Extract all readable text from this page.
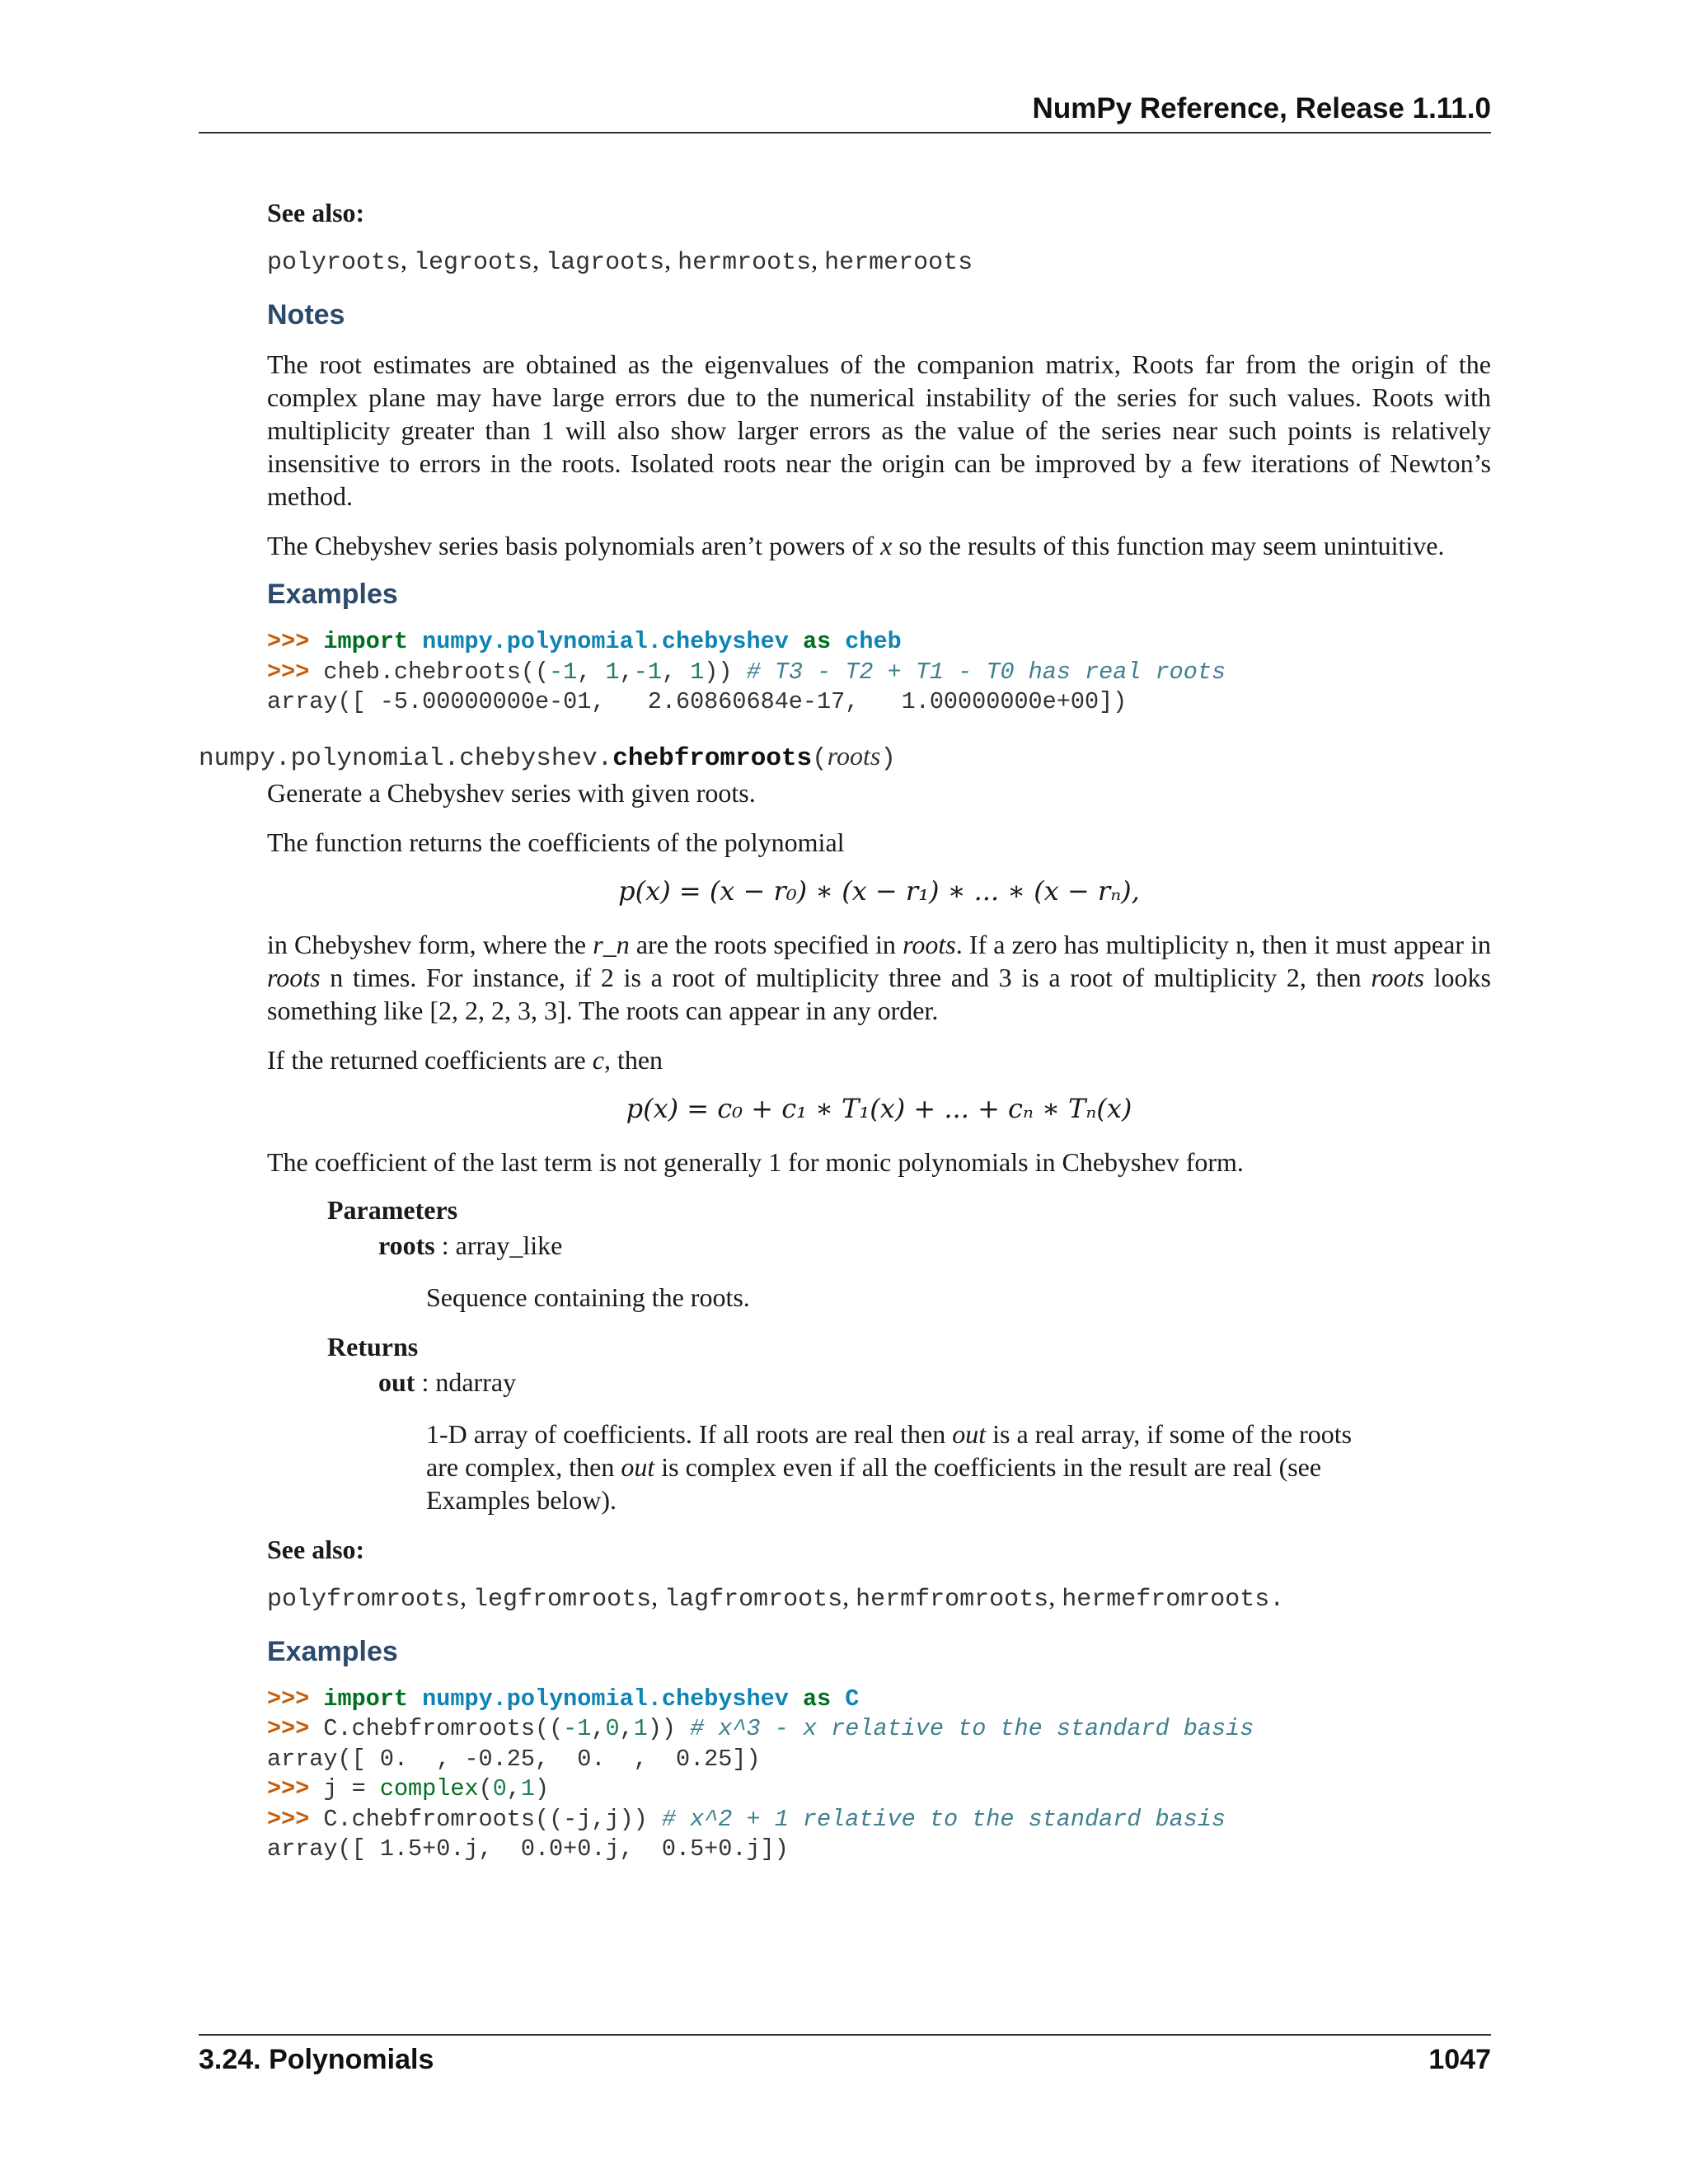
NumPy Reference, Release 1.11.0
See also:
polyroots, legroots, lagroots, hermroots, hermeroots
Notes

The root estimates are obtained as the eigenvalues of the companion matrix, Roots far from the origin of the complex plane may have large errors due to the numerical instability of the series for such values. Roots with multiplicity greater than 1 will also show larger errors as the value of the series near such points is relatively insensitive to errors in the roots. Isolated roots near the origin can be improved by a few iterations of Newton’s method.

The Chebyshev series basis polynomials aren’t powers of x so the results of this function may seem unintuitive.

Examples
>>> import numpy.polynomial.chebyshev as cheb
>>> cheb.chebroots((-1, 1,-1, 1)) # T3 - T2 + T1 - T0 has real roots
array([ -5.00000000e-01,   2.60860684e-17,   1.00000000e+00])
numpy.polynomial.chebyshev.chebfromroots(roots)

Generate a Chebyshev series with given roots.

The function returns the coefficients of the polynomial

p(x) = (x − r₀) ∗ (x − r₁) ∗ ... ∗ (x − rₙ),

in Chebyshev form, where the r_n are the roots specified in roots. If a zero has multiplicity n, then it must appear in roots n times. For instance, if 2 is a root of multiplicity three and 3 is a root of multiplicity 2, then roots looks something like [2, 2, 2, 3, 3]. The roots can appear in any order.

If the returned coefficients are c, then

p(x) = c₀ + c₁ ∗ T₁(x) + ... + cₙ ∗ Tₙ(x)

The coefficient of the last term is not generally 1 for monic polynomials in Chebyshev form.

Parameters
roots : array_like
Sequence containing the roots.
Returns
out : ndarray
1-D array of coefficients. If all roots are real then out is a real array, if some of the roots are complex, then out is complex even if all the coefficients in the result are real (see Examples below).
See also:
polyfromroots, legfromroots, lagfromroots, hermfromroots, hermefromroots.
Examples
>>> import numpy.polynomial.chebyshev as C
>>> C.chebfromroots((-1,0,1)) # x^3 - x relative to the standard basis
array([ 0.  , -0.25,  0.  ,  0.25])
>>> j = complex(0,1)
>>> C.chebfromroots((-j,j)) # x^2 + 1 relative to the standard basis
array([ 1.5+0.j,  0.0+0.j,  0.5+0.j])
3.24. Polynomials	1047
